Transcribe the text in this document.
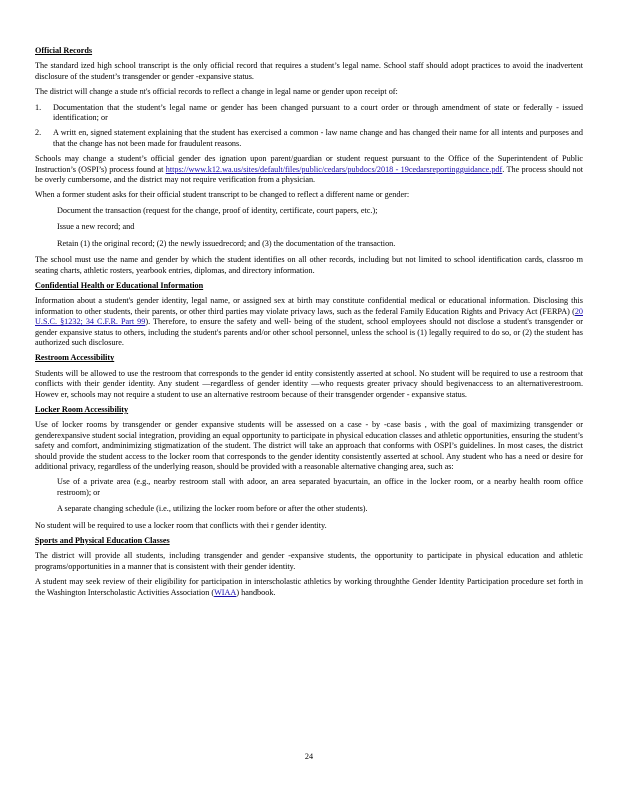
Official Records

The standard ized high school transcript is the only official record that requires a student’s legal name. School staff should adopt practices to avoid the inadvertent disclosure of the student’s transgender or gender -expansive status.

The district will change a stude nt's official records to reflect a change in legal name or gender upon receipt of:

1.	Documentation that the student’s legal name or gender has been changed pursuant to a court order or through amendment of state or federally - issued identification; or
2.	A writt en, signed statement explaining that the student has exercised a common - law name change and has changed their name for all intents and purposes and that the change has not been made for fraudulent reasons.

Schools may change a student’s official gender des ignation upon parent/guardian or student request pursuant to the Office of the Superintendent of Public Instruction’s (OSPI’s) process found at https://www.k12.wa.us/sites/default/files/public/cedars/pubdocs/2018 - 19cedarsreportingguidance.pdf. The process should not be overly cumbersome, and the district may not require verification from a physician.

When a former student asks for their official student transcript to be changed to reflect a different name or gender:

Document the transaction (request for the change, proof of identity, certificate, court papers, etc.);
Issue a new record; and
Retain (1) the original record; (2) the newly issuedrecord; and (3) the documentation of the transaction.

The school must use the name and gender by which the student identifies on all other records, including but not limited to school identification cards, classroo m seating charts, athletic rosters, yearbook entries, diplomas, and directory information.

Confidential Health or Educational Information

Information about a student's gender identity, legal name, or assigned sex at birth may constitute confidential medical or educational information. Disclosing this information to other students, their parents, or other third parties may violate privacy laws, such as the federal Family Education Rights and Privacy Act (FERPA) (20 U.S.C. §1232; 34 C.F.R. Part 99). Therefore, to ensure the safety and well- being of the student, school employees should not disclose a student's transgender or gender expansive status to others, including the student's parents and/or other school personnel, unless the school is (1) legally required to do so, or (2) the student has authorized such disclosure.

Restroom Accessibility

Students will be allowed to use the restroom that corresponds to the gender id entity consistently asserted at school. No student will be required to use a restroom that conflicts with their gender identity. Any student —regardless of gender identity —who requests greater privacy should begivenaccess to an alternativerestroom. Howev er, schools may not require a student to use an alternative restroom because of their transgender orgender - expansive status.

Locker Room Accessibility

Use of locker rooms by transgender or gender expansive students will be assessed on a case - by -case basis , with the goal of maximizing transgender or genderexpansive student social integration, providing an equal opportunity to participate in physical education classes and athletic opportunities, ensuring the student’s safety and comfort, andminimizing stigmatization of the student. The district will take an approach that conforms with OSPI’s guidelines. In most cases, the district should provide the student access to the locker room that corresponds to the gender identity consistently asserted at school. Any student who has a need or desire for additional privacy, regardless of the underlying reason, should be provided with a reasonable alternative changing area, such as:

Use of a private area (e.g., nearby restroom stall with adoor, an area separated byacurtain, an office in the locker room, or a nearby health room office restroom); or
A separate changing schedule (i.e., utilizing the locker room before or after the other students).

No student will be required to use a locker room that conflicts with thei r gender identity.

Sports and Physical Education Classes

The district will provide all students, including transgender and gender -expansive students, the opportunity to participate in physical education and athletic programs/opportunities in a manner that is consistent with their gender identity.

A student may seek review of their eligibility for participation in interscholastic athletics by working throughthe Gender Identity Participation procedure set forth in the Washington Interscholastic Activities Association (WIAA) handbook.

24
